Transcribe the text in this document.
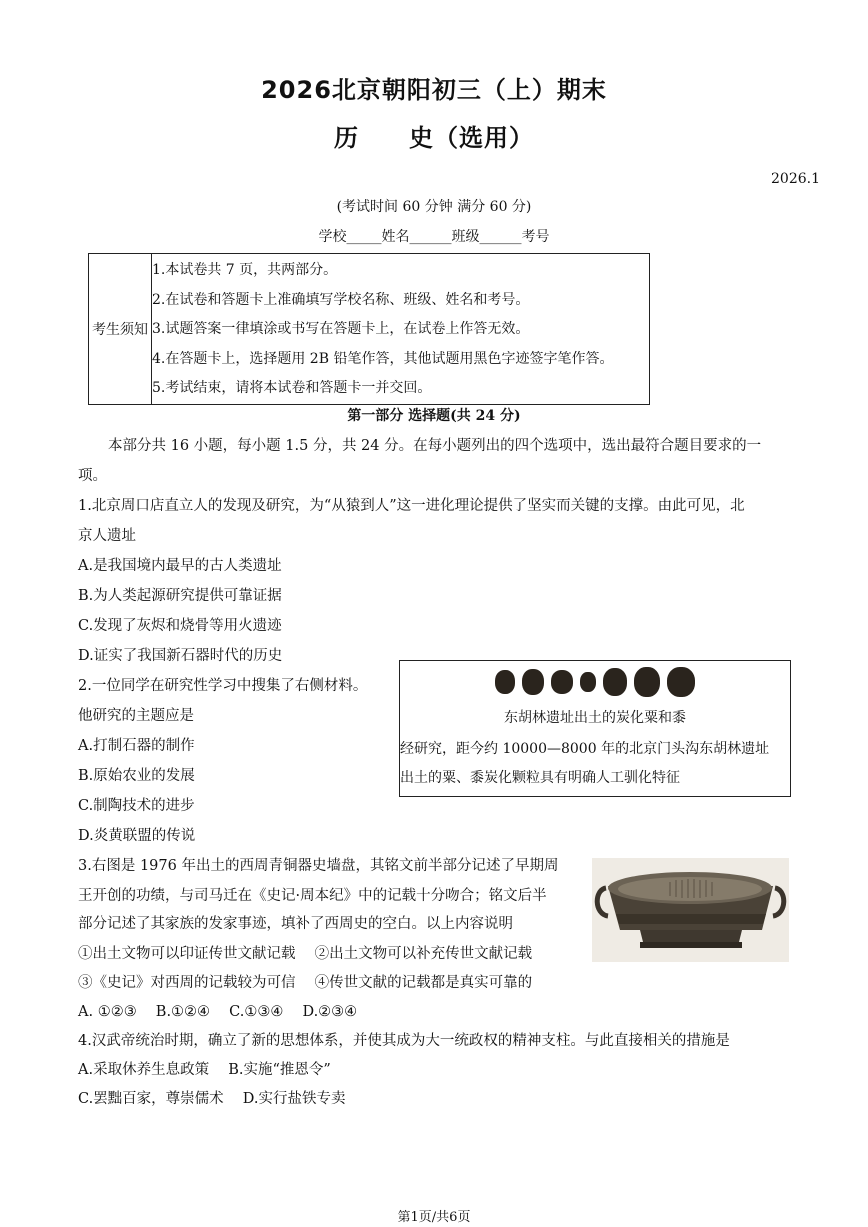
2026北京朝阳初三（上）期末
历　　史（选用）
2026.1
(考试时间 60 分钟 满分 60 分)
学校_____姓名______班级______考号
考生须知
1.本试卷共 7 页，共两部分。
2.在试卷和答题卡上准确填写学校名称、班级、姓名和考号。
3.试题答案一律填涂或书写在答题卡上，在试卷上作答无效。
4.在答题卡上，选择题用 2B 铅笔作答，其他试题用黑色字迹签字笔作答。
5.考试结束，请将本试卷和答题卡一并交回。
第一部分 选择题(共 24 分)
本部分共 16 小题，每小题 1.5 分，共 24 分。在每小题列出的四个选项中，选出最符合题目要求的一
项。
1.北京周口店直立人的发现及研究，为“从猿到人”这一进化理论提供了坚实而关键的支撑。由此可见，北
京人遗址
A.是我国境内最早的古人类遗址
B.为人类起源研究提供可靠证据
C.发现了灰烬和烧骨等用火遗迹
D.证实了我国新石器时代的历史
2.一位同学在研究性学习中搜集了右侧材料。
他研究的主题应是
A.打制石器的制作
B.原始农业的发展
C.制陶技术的进步
D.炎黄联盟的传说
东胡林遗址出土的炭化粟和黍
经研究，距今约 10000—8000 年的北京门头沟东胡林遗址
出土的粟、黍炭化颗粒具有明确人工驯化特征
3.右图是 1976 年出土的西周青铜器史墙盘，其铭文前半部分记述了早期周
王开创的功绩，与司马迁在《史记·周本纪》中的记载十分吻合；铭文后半
部分记述了其家族的发家事迹，填补了西周史的空白。以上内容说明
①出土文物可以印证传世文献记载　 ②出土文物可以补充传世文献记载
③《史记》对西周的记载较为可信　 ④传世文献的记载都是真实可靠的
A. ①②③　 B.①②④　 C.①③④　 D.②③④
4.汉武帝统治时期，确立了新的思想体系，并使其成为大一统政权的精神支柱。与此直接相关的措施是
A.采取休养生息政策　 B.实施“推恩令”
C.罢黜百家，尊崇儒术　 D.实行盐铁专卖
第1页/共6页
